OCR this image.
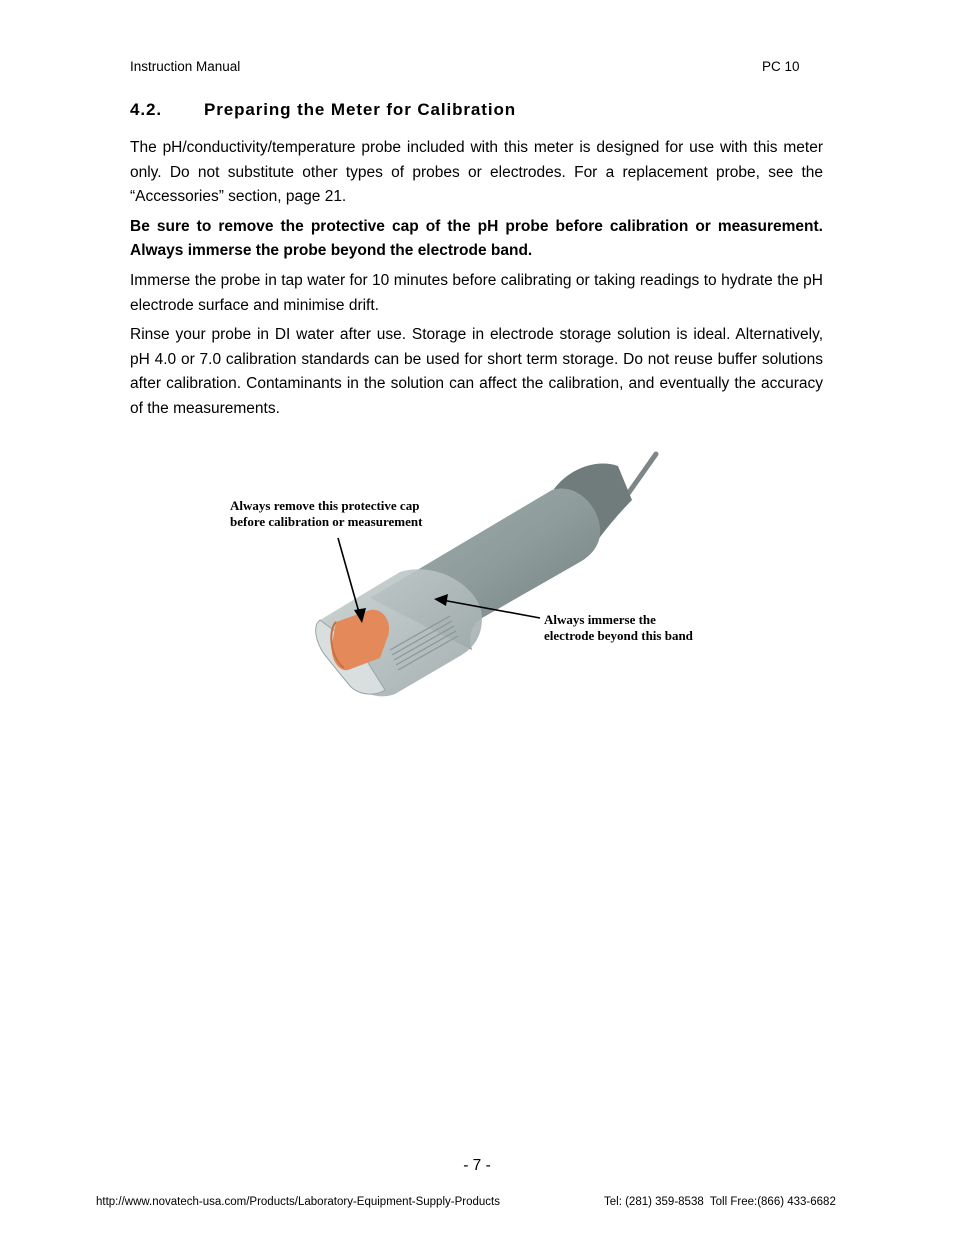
Instruction Manual	PC 10
4.2. Preparing the Meter for Calibration

The pH/conductivity/temperature probe included with this meter is designed for use with this meter only. Do not substitute other types of probes or electrodes. For a replacement probe, see the “Accessories” section, page 21.

Be sure to remove the protective cap of the pH probe before calibration or measurement. Always immerse the probe beyond the electrode band.

Immerse the probe in tap water for 10 minutes before calibrating or taking readings to hydrate the pH electrode surface and minimise drift.

Rinse your probe in DI water after use. Storage in electrode storage solution is ideal. Alternatively, pH 4.0 or 7.0 calibration standards can be used for short term storage. Do not reuse buffer solutions after calibration. Contaminants in the solution can affect the calibration, and eventually the accuracy of the measurements.

Always remove this protective cap
before calibration or measurement
Always immerse the
electrode beyond this band
- 7 -
http://www.novatech-usa.com/Products/Laboratory-Equipment-Supply-Products	Tel: (281) 359-8538  Toll Free:(866) 433-6682
